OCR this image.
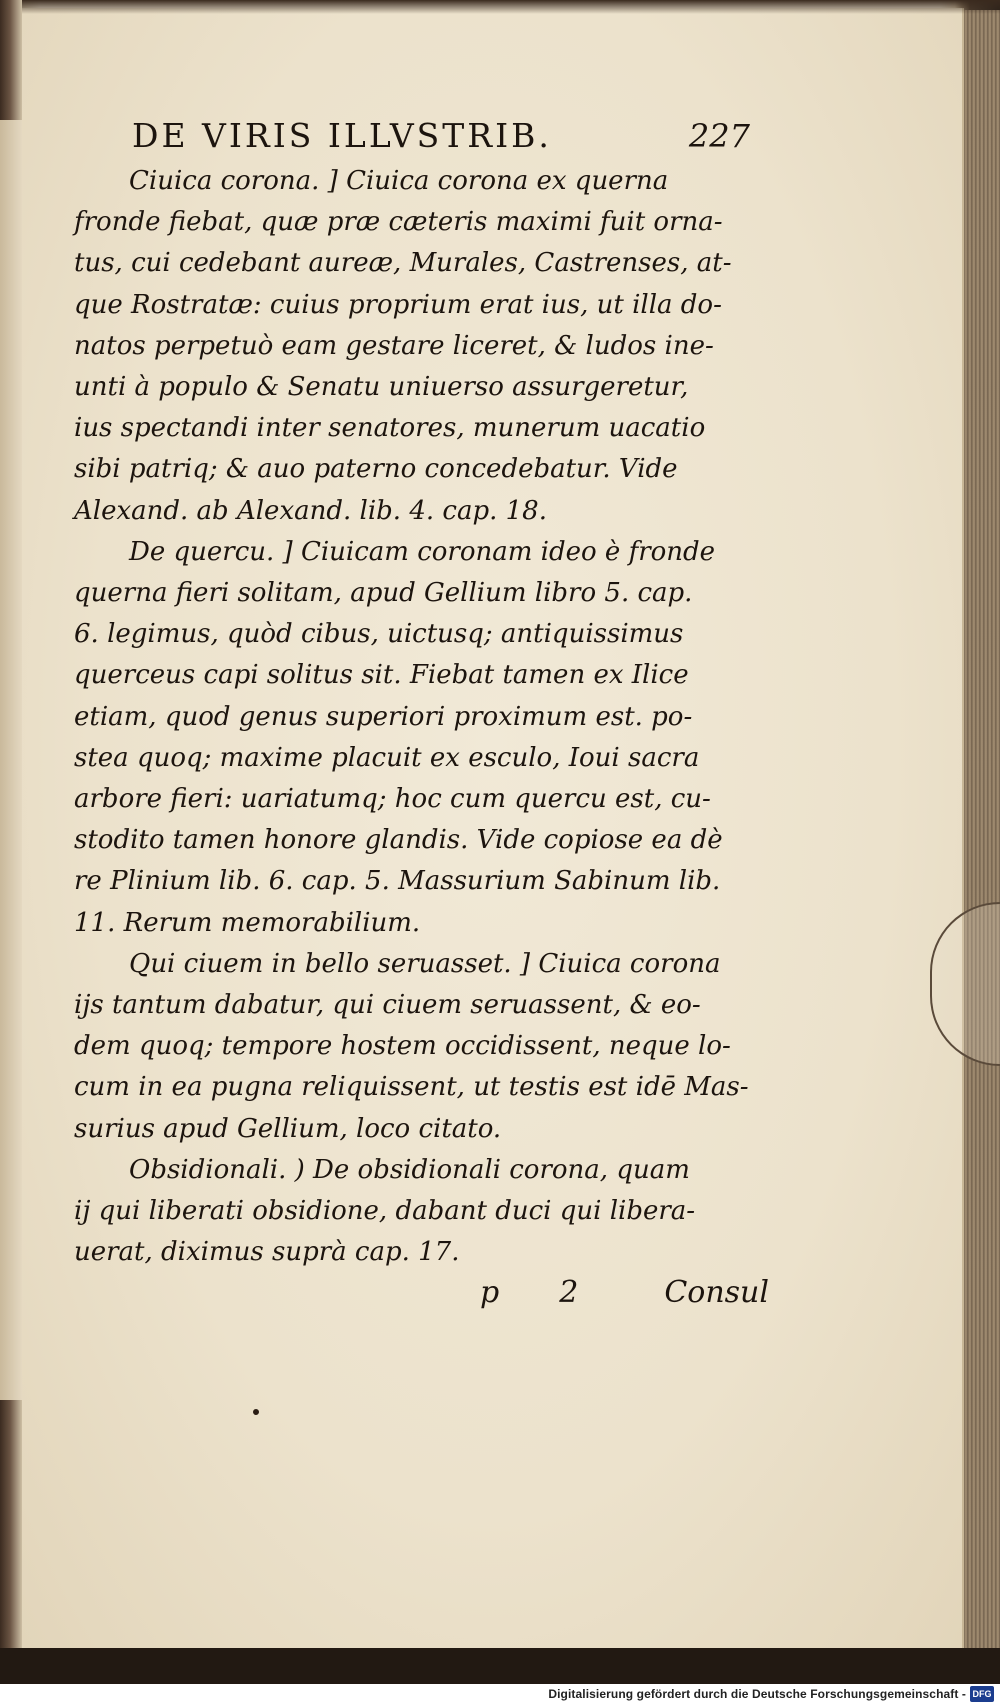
DE VIRIS ILLVSTRIB.	227

Ciuica corona. ] Ciuica corona ex querna
fronde fiebat, quæ præ cæteris maximi fuit orna-
tus, cui cedebant aureæ, Murales, Castrenses, at-
que Rostratæ: cuius proprium erat ius, ut illa do-
natos perpetuò eam gestare liceret, & ludos ine-
unti à populo & Senatu uniuerso assurgeretur,
ius spectandi inter senatores, munerum uacatio
sibi patriq; & auo paterno concedebatur. Vide
Alexand. ab Alexand. lib. 4. cap. 18.

De quercu. ] Ciuicam coronam ideo è fronde
querna fieri solitam, apud Gellium libro 5. cap.
6. legimus, quòd cibus, uictusq; antiquissimus
querceus capi solitus sit. Fiebat tamen ex Ilice
etiam, quod genus superiori proximum est. po-
stea quoq; maxime placuit ex esculo, Ioui sacra
arbore fieri: uariatumq; hoc cum quercu est, cu-
stodito tamen honore glandis. Vide copiose ea dè
re Plinium lib. 6. cap. 5. Massurium Sabinum lib.
11. Rerum memorabilium.

Qui ciuem in bello seruasset. ] Ciuica corona
ijs tantum dabatur, qui ciuem seruassent, & eo-
dem quoq; tempore hostem occidissent, neque lo-
cum in ea pugna reliquissent, ut testis est idē Mas-
surius apud Gellium, loco citato.

Obsidionali. ) De obsidionali corona, quam
ij qui liberati obsidione, dabant duci qui libera-
uerat, diximus suprà cap. 17.

p 2	Consul
Digitalisierung gefördert durch die Deutsche Forschungsgemeinschaft - DFG
